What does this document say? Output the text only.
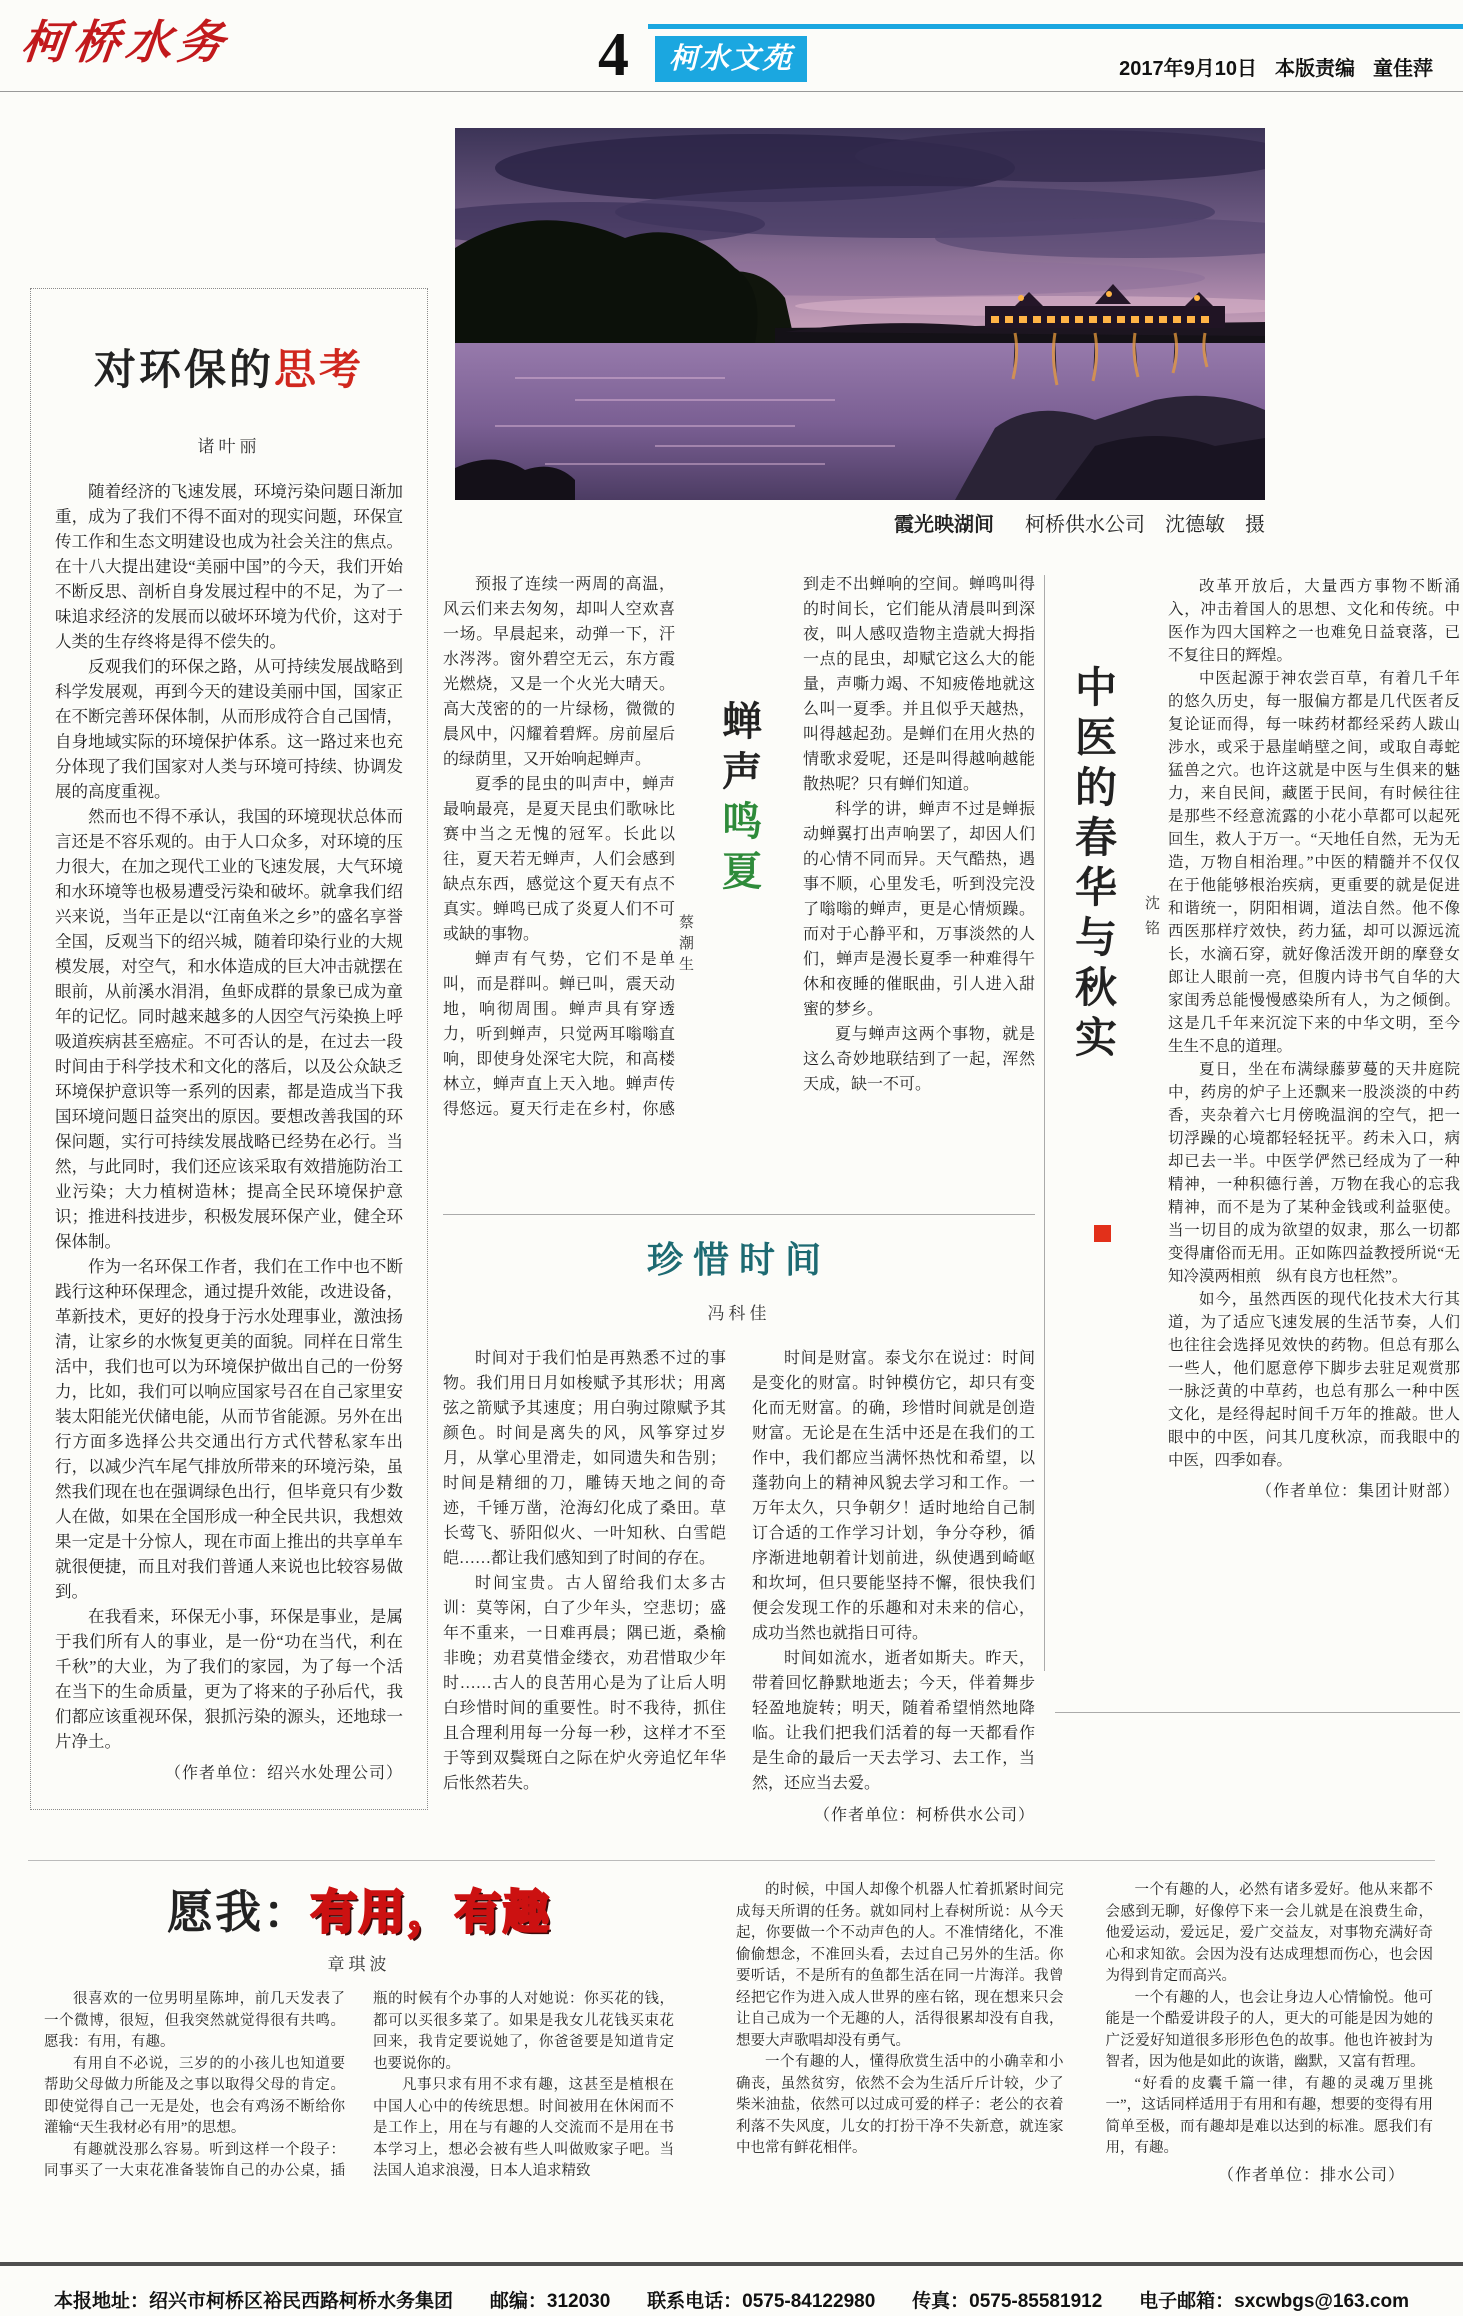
柯桥水务	4	柯水文苑	2017年9月10日 本版责编 童佳萍
霞光映湖间 柯桥供水公司　沈德敏　摄
对环保的思考
诸叶丽

随着经济的飞速发展，环境污染问题日渐加重，成为了我们不得不面对的现实问题，环保宣传工作和生态文明建设也成为社会关注的焦点。在十八大提出建设“美丽中国”的今天，我们开始不断反思、剖析自身发展过程中的不足，为了一味追求经济的发展而以破坏环境为代价，这对于人类的生存终将是得不偿失的。

反观我们的环保之路，从可持续发展战略到科学发展观，再到今天的建设美丽中国，国家正在不断完善环保体制，从而形成符合自己国情，自身地域实际的环境保护体系。这一路过来也充分体现了我们国家对人类与环境可持续、协调发展的高度重视。

然而也不得不承认，我国的环境现状总体而言还是不容乐观的。由于人口众多，对环境的压力很大，在加之现代工业的飞速发展，大气环境和水环境等也极易遭受污染和破坏。就拿我们绍兴来说，当年正是以“江南鱼米之乡”的盛名享誉全国，反观当下的绍兴城，随着印染行业的大规模发展，对空气，和水体造成的巨大冲击就摆在眼前，从前溪水涓涓，鱼虾成群的景象已成为童年的记忆。同时越来越多的人因空气污染换上呼吸道疾病甚至癌症。不可否认的是，在过去一段时间由于科学技术和文化的落后，以及公众缺乏环境保护意识等一系列的因素，都是造成当下我国环境问题日益突出的原因。要想改善我国的环保问题，实行可持续发展战略已经势在必行。当然，与此同时，我们还应该采取有效措施防治工业污染；大力植树造林；提高全民环境保护意识；推进科技进步，积极发展环保产业，健全环保体制。

作为一名环保工作者，我们在工作中也不断践行这种环保理念，通过提升效能，改进设备，革新技术，更好的投身于污水处理事业，激浊扬清，让家乡的水恢复更美的面貌。同样在日常生活中，我们也可以为环境保护做出自己的一份努力，比如，我们可以响应国家号召在自己家里安装太阳能光伏储电能，从而节省能源。另外在出行方面多选择公共交通出行方式代替私家车出行，以减少汽车尾气排放所带来的环境污染，虽然我们现在也在强调绿色出行，但毕竟只有少数人在做，如果在全国形成一种全民共识，我想效果一定是十分惊人，现在市面上推出的共享单车就很便捷，而且对我们普通人来说也比较容易做到。

在我看来，环保无小事，环保是事业，是属于我们所有人的事业，是一份“功在当代，利在千秋”的大业，为了我们的家园，为了每一个活在当下的生命质量，更为了将来的子孙后代，我们都应该重视环保，狠抓污染的源头，还地球一片净土。

（作者单位：绍兴水处理公司）

预报了连续一两周的高温，风云们来去匆匆，却叫人空欢喜一场。早晨起来，动弹一下，汗水涔涔。窗外碧空无云，东方霞光燃烧，又是一个火光大晴天。高大茂密的的一片绿杨，微微的晨风中，闪耀着碧辉。房前屋后的绿荫里，又开始响起蝉声。

夏季的昆虫的叫声中，蝉声最响最亮，是夏天昆虫们歌咏比赛中当之无愧的冠军。长此以往，夏天若无蝉声，人们会感到缺点东西，感觉这个夏天有点不真实。蝉鸣已成了炎夏人们不可或缺的事物。

蝉声有气势，它们不是单叫，而是群叫。蝉已叫，震天动地，响彻周围。蝉声具有穿透力，听到蝉声，只觉两耳嗡嗡直响，即使身处深宅大院，和高楼林立，蝉声直上天入地。蝉声传得悠远。夏天行走在乡村，你感到走不出蝉响的空间。蝉鸣叫得的时间长，它们能从清晨叫到深夜，叫人感叹造物主造就大拇指一点的昆虫，却赋它这么大的能量，声嘶力竭、不知疲倦地就这么叫一夏季。并且似乎天越热，叫得越起劲。是蝉们在用火热的情歌求爱呢，还是叫得越响越能散热呢？只有蝉们知道。

科学的讲，蝉声不过是蝉振动蝉翼打出声响罢了，却因人们的心情不同而异。天气酷热，遇事不顺，心里发毛，听到没完没了嗡嗡的蝉声，更是心情烦躁。而对于心静平和，万事淡然的人们，蝉声是漫长夏季一种难得午休和夜睡的催眠曲，引人进入甜蜜的梦乡。

夏与蝉声这两个事物，就是这么奇妙地联结到了一起，浑然天成，缺一不可。

蝉声鸣夏
蔡潮生
珍惜时间
冯科佳

时间对于我们怕是再熟悉不过的事物。我们用日月如梭赋予其形状；用离弦之箭赋予其速度；用白驹过隙赋予其颜色。时间是离失的风，风筝穿过岁月，从掌心里滑走，如同遗失和告别；时间是精细的刀，雕铸天地之间的奇迹，千锤万凿，沧海幻化成了桑田。草长莺飞、骄阳似火、一叶知秋、白雪皑皑……都让我们感知到了时间的存在。

时间宝贵。古人留给我们太多古训：莫等闲，白了少年头，空悲切；盛年不重来，一日难再晨；隅已逝，桑榆非晚；劝君莫惜金缕衣，劝君惜取少年时……古人的良苦用心是为了让后人明白珍惜时间的重要性。时不我待，抓住且合理利用每一分每一秒，这样才不至于等到双鬓斑白之际在炉火旁追忆年华后怅然若失。

时间是财富。泰戈尔在说过：时间是变化的财富。时钟模仿它，却只有变化而无财富。的确，珍惜时间就是创造财富。无论是在生活中还是在我们的工作中，我们都应当满怀热忱和希望，以蓬勃向上的精神风貌去学习和工作。一万年太久，只争朝夕！适时地给自己制订合适的工作学习计划，争分夺秒，循序渐进地朝着计划前进，纵使遇到崎岖和坎坷，但只要能坚持不懈，很快我们便会发现工作的乐趣和对未来的信心，成功当然也就指日可待。

时间如流水，逝者如斯夫。昨天，带着回忆静默地逝去；今天，伴着舞步轻盈地旋转；明天，随着希望悄然地降临。让我们把我们活着的每一天都看作是生命的最后一天去学习、去工作，当然，还应当去爱。

（作者单位：柯桥供水公司）
中医的春华与秋实	沈铭

改革开放后，大量西方事物不断涌入，冲击着国人的思想、文化和传统。中医作为四大国粹之一也难免日益衰落，已不复往日的辉煌。

中医起源于神农尝百草，有着几千年的悠久历史，每一服偏方都是几代医者反复论证而得，每一味药材都经采药人跋山涉水，或采于悬崖峭壁之间，或取自毒蛇猛兽之穴。也许这就是中医与生俱来的魅力，来自民间，藏匿于民间，有时候往往是那些不经意流露的小花小草都可以起死回生，救人于万一。“天地任自然，无为无造，万物自相治理。”中医的精髓并不仅仅在于他能够根治疾病，更重要的就是促进和谐统一，阴阳相调，道法自然。他不像西医那样疗效快，药力猛，却可以源远流长，水滴石穿，就好像活泼开朗的摩登女郎让人眼前一亮，但腹内诗书气自华的大家闺秀总能慢慢感染所有人，为之倾倒。这是几千年来沉淀下来的中华文明，至今生生不息的道理。

夏日，坐在布满绿藤萝蔓的天井庭院中，药房的炉子上还飘来一股淡淡的中药香，夹杂着六七月傍晚温润的空气，把一切浮躁的心境都轻轻抚平。药未入口，病却已去一半。中医学俨然已经成为了一种精神，一种积德行善，万物在我心的忘我精神，而不是为了某种金钱或利益驱使。当一切目的成为欲望的奴隶，那么一切都变得庸俗而无用。正如陈四益教授所说“无知冷漠两相煎　纵有良方也枉然”。

如今，虽然西医的现代化技术大行其道，为了适应飞速发展的生活节奏，人们也往往会选择见效快的药物。但总有那么一些人，他们愿意停下脚步去驻足观赏那一脉泛黄的中草药，也总有那么一种中医文化，是经得起时间千万年的推敲。世人眼中的中医，问其几度秋凉，而我眼中的中医，四季如春。

（作者单位：集团计财部）
愿我：有用，有趣
章琪波

很喜欢的一位男明星陈坤，前几天发表了一个微博，很短，但我突然就觉得很有共鸣。愿我：有用，有趣。

有用自不必说，三岁的的小孩儿也知道要帮助父母做力所能及之事以取得父母的肯定。即使觉得自己一无是处，也会有鸡汤不断给你灌输“天生我材必有用”的思想。

有趣就没那么容易。听到这样一个段子：同事买了一大束花准备装饰自己的办公桌，插瓶的时候有个办事的人对她说：你买花的钱，都可以买很多菜了。如果是我女儿花钱买束花回来，我肯定要说她了，你爸爸要是知道肯定也要说你的。

凡事只求有用不求有趣，这甚至是植根在中国人心中的传统思想。时间被用在休闲而不是工作上，用在与有趣的人交流而不是用在书本学习上，想必会被有些人叫做败家子吧。当法国人追求浪漫，日本人追求精致

的时候，中国人却像个机器人忙着抓紧时间完成每天所谓的任务。就如同村上春树所说：从今天起，你要做一个不动声色的人。不准情绪化，不准偷偷想念，不准回头看，去过自己另外的生活。你要听话，不是所有的鱼都生活在同一片海洋。我曾经把它作为进入成人世界的座右铭，现在想来只会让自己成为一个无趣的人，活得很累却没有自我，想要大声歌唱却没有勇气。

一个有趣的人，懂得欣赏生活中的小确幸和小确丧，虽然贫穷，依然不会为生活斤斤计较，少了柴米油盐，依然可以过成可爱的样子：老公的衣着利落不失风度，儿女的打扮干净不失新意，就连家中也常有鲜花相伴。

一个有趣的人，必然有诸多爱好。他从来都不会感到无聊，好像停下来一会儿就是在浪费生命，他爱运动，爱远足，爱广交益友，对事物充满好奇心和求知欲。会因为没有达成理想而伤心，也会因为得到肯定而高兴。

一个有趣的人，也会让身边人心情愉悦。他可能是一个酷爱讲段子的人，更大的可能是因为她的广泛爱好知道很多形形色色的故事。他也许被封为智者，因为他是如此的诙谐，幽默，又富有哲理。

“好看的皮囊千篇一律，有趣的灵魂万里挑一”，这话同样适用于有用和有趣，想要的变得有用简单至极，而有趣却是难以达到的标准。愿我们有用，有趣。

（作者单位：排水公司）
本报地址：绍兴市柯桥区裕民西路柯桥水务集团 邮编：312030 联系电话：0575-84122980 传真：0575-85581912 电子邮箱：sxcwbgs@163.com
